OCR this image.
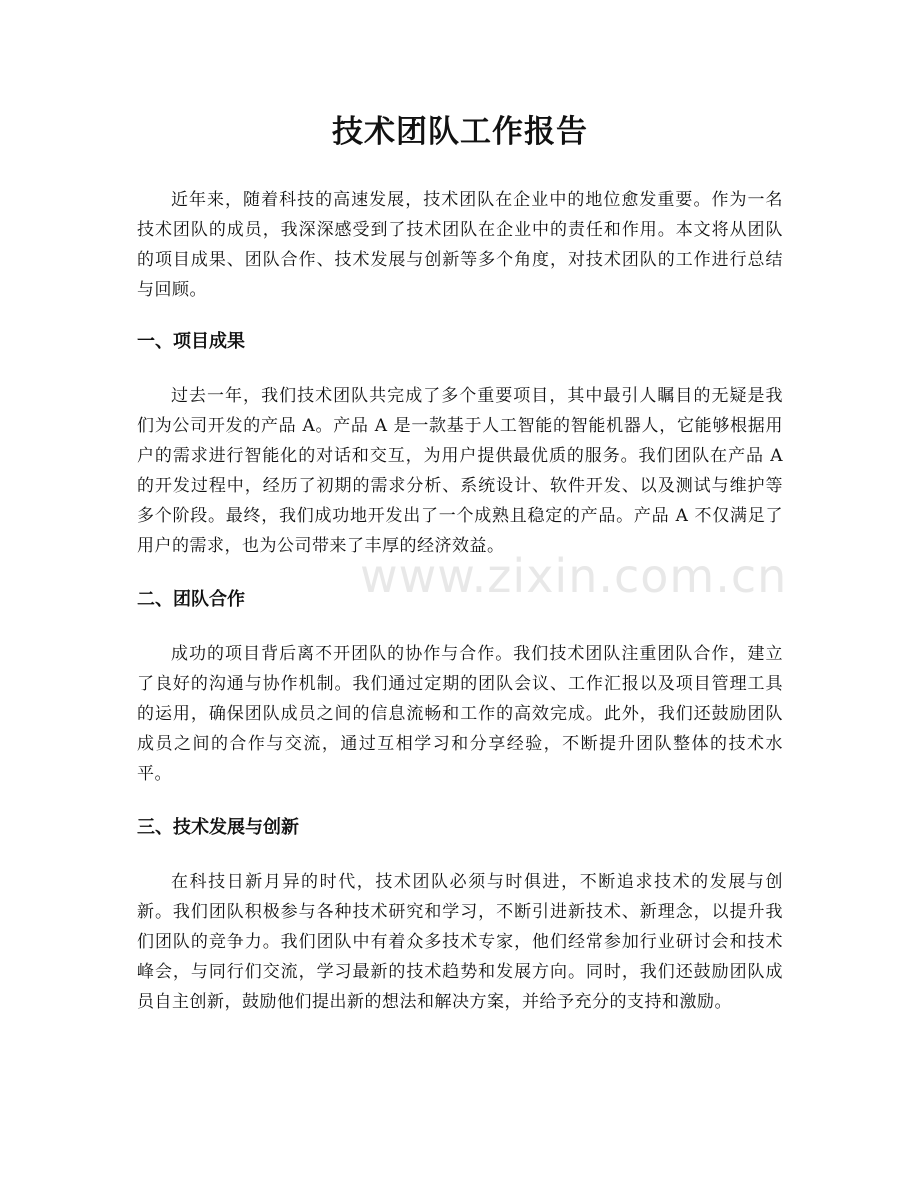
www.zixin.com.cn
技术团队工作报告

近年来，随着科技的高速发展，技术团队在企业中的地位愈发重要。作为一名技术团队的成员，我深深感受到了技术团队在企业中的责任和作用。本文将从团队的项目成果、团队合作、技术发展与创新等多个角度，对技术团队的工作进行总结与回顾。

一、项目成果

过去一年，我们技术团队共完成了多个重要项目，其中最引人瞩目的无疑是我们为公司开发的产品 A。产品 A 是一款基于人工智能的智能机器人，它能够根据用户的需求进行智能化的对话和交互，为用户提供最优质的服务。我们团队在产品 A 的开发过程中，经历了初期的需求分析、系统设计、软件开发、以及测试与维护等多个阶段。最终，我们成功地开发出了一个成熟且稳定的产品。产品 A 不仅满足了用户的需求，也为公司带来了丰厚的经济效益。

二、团队合作

成功的项目背后离不开团队的协作与合作。我们技术团队注重团队合作，建立了良好的沟通与协作机制。我们通过定期的团队会议、工作汇报以及项目管理工具的运用，确保团队成员之间的信息流畅和工作的高效完成。此外，我们还鼓励团队成员之间的合作与交流，通过互相学习和分享经验，不断提升团队整体的技术水平。

三、技术发展与创新

在科技日新月异的时代，技术团队必须与时俱进，不断追求技术的发展与创新。我们团队积极参与各种技术研究和学习，不断引进新技术、新理念，以提升我们团队的竞争力。我们团队中有着众多技术专家，他们经常参加行业研讨会和技术峰会，与同行们交流，学习最新的技术趋势和发展方向。同时，我们还鼓励团队成员自主创新，鼓励他们提出新的想法和解决方案，并给予充分的支持和激励。
